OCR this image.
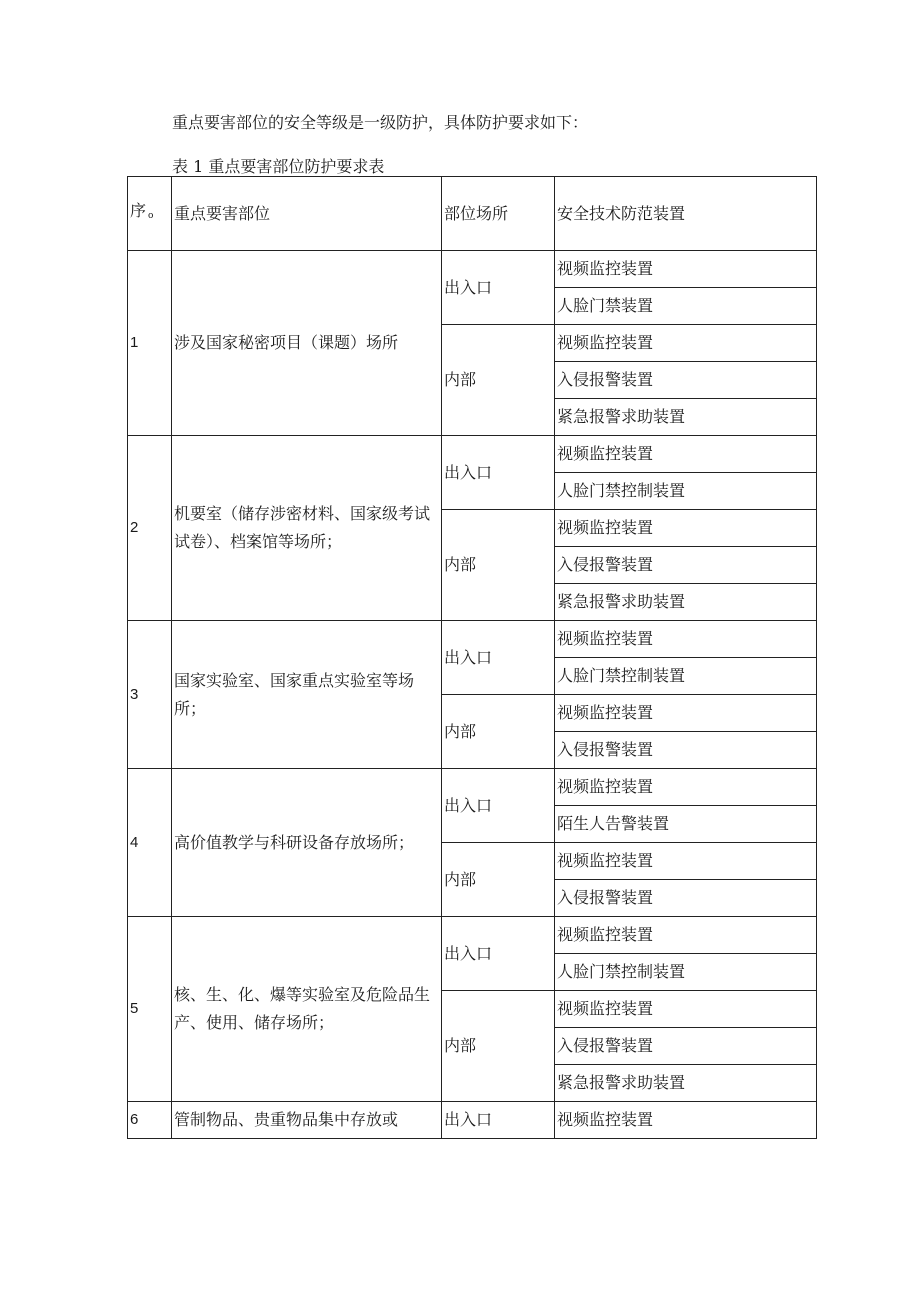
重点要害部位的安全等级是一级防护，具体防护要求如下：
表 1 重点要害部位防护要求表
序 $_o$	重点要害部位	部位场所	安全技术防范装置
1	涉及国家秘密项目（课题）场所	出入口	视频监控装置
			人脸门禁装置
		内部	视频监控装置
			入侵报警装置
			紧急报警求助装置
2	机要室（储存涉密材料、国家级考试试卷）、档案馆等场所；	出入口	视频监控装置
			人脸门禁控制装置
		内部	视频监控装置
			入侵报警装置
			紧急报警求助装置
3	国家实验室、国家重点实验室等场所；	出入口	视频监控装置
			人脸门禁控制装置
		内部	视频监控装置
			入侵报警装置
4	高价值教学与科研设备存放场所；	出入口	视频监控装置
			陌生人告警装置
		内部	视频监控装置
			入侵报警装置
5	核、生、化、爆等实验室及危险品生产、使用、储存场所；	出入口	视频监控装置
			人脸门禁控制装置
		内部	视频监控装置
			入侵报警装置
			紧急报警求助装置
6	管制物品、贵重物品集中存放或	出入口	视频监控装置
